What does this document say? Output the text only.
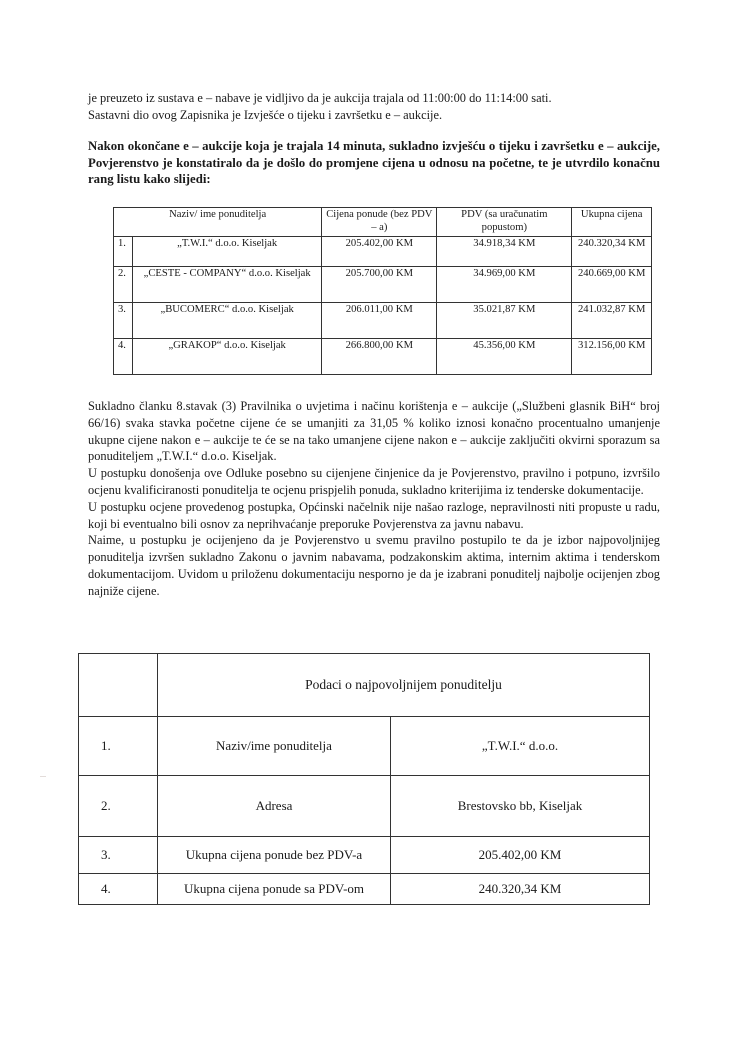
je preuzeto iz sustava e – nabave je vidljivo da je aukcija trajala od 11:00:00 do 11:14:00 sati.

Sastavni dio ovog Zapisnika je Izvješće o tijeku i završetku e – aukcije.

Nakon okončane e – aukcije koja je trajala 14 minuta, sukladno izvješću o tijeku i završetku e – aukcije, Povjerenstvo je konstatiralo da je došlo do promjene cijena u odnosu na početne, te je utvrdilo konačnu rang listu kako slijedi:

Naziv/ ime ponuditelja		Cijena ponude (bez PDV – a)	PDV (sa uračunatim popustom)	Ukupna cijena
1.	„T.W.I.“ d.o.o. Kiseljak	205.402,00 KM	34.918,34 KM	240.320,34 KM
2.	„CESTE - COMPANY“ d.o.o. Kiseljak	205.700,00 KM	34.969,00 KM	240.669,00 KM
3.	„BUCOMERC“ d.o.o. Kiseljak	206.011,00 KM	35.021,87 KM	241.032,87 KM
4.	„GRAKOP“ d.o.o. Kiseljak	266.800,00 KM	45.356,00 KM	312.156,00 KM

Sukladno članku 8.stavak (3) Pravilnika o uvjetima i načinu korištenja e – aukcije („Službeni glasnik BiH“ broj 66/16) svaka stavka početne cijene će se umanjiti za 31,05 % koliko iznosi konačno procentualno umanjenje ukupne cijene nakon e – aukcije te će se na tako umanjene cijene nakon e – aukcije zaključiti okvirni sporazum sa ponuditeljem „T.W.I.“ d.o.o. Kiseljak.

U postupku donošenja ove Odluke posebno su cijenjene činjenice da je Povjerenstvo, pravilno i potpuno, izvršilo ocjenu kvalificiranosti ponuditelja te ocjenu prispjelih ponuda, sukladno kriterijima iz tenderske dokumentacije.

U postupku ocjene provedenog postupka, Općinski načelnik nije našao razloge, nepravilnosti niti propuste u radu, koji bi eventualno bili osnov za neprihvaćanje preporuke Povjerenstva za javnu nabavu.

Naime, u postupku je ocijenjeno da je Povjerenstvo u svemu pravilno postupilo te da je izbor najpovoljnijeg ponuditelja izvršen sukladno Zakonu o javnim nabavama, podzakonskim aktima, internim aktima i tenderskom dokumentacijom. Uvidom u priloženu dokumentaciju nesporno je da je izabrani ponuditelj najbolje ocijenjen zbog najniže cijene.

...
	Podaci o najpovoljnijem ponuditelju	
1.	Naziv/ime ponuditelja	„T.W.I.“ d.o.o.
2.	Adresa	Brestovsko bb, Kiseljak
3.	Ukupna cijena ponude bez PDV-a	205.402,00 KM
4.	Ukupna cijena ponude sa PDV-om	240.320,34 KM
